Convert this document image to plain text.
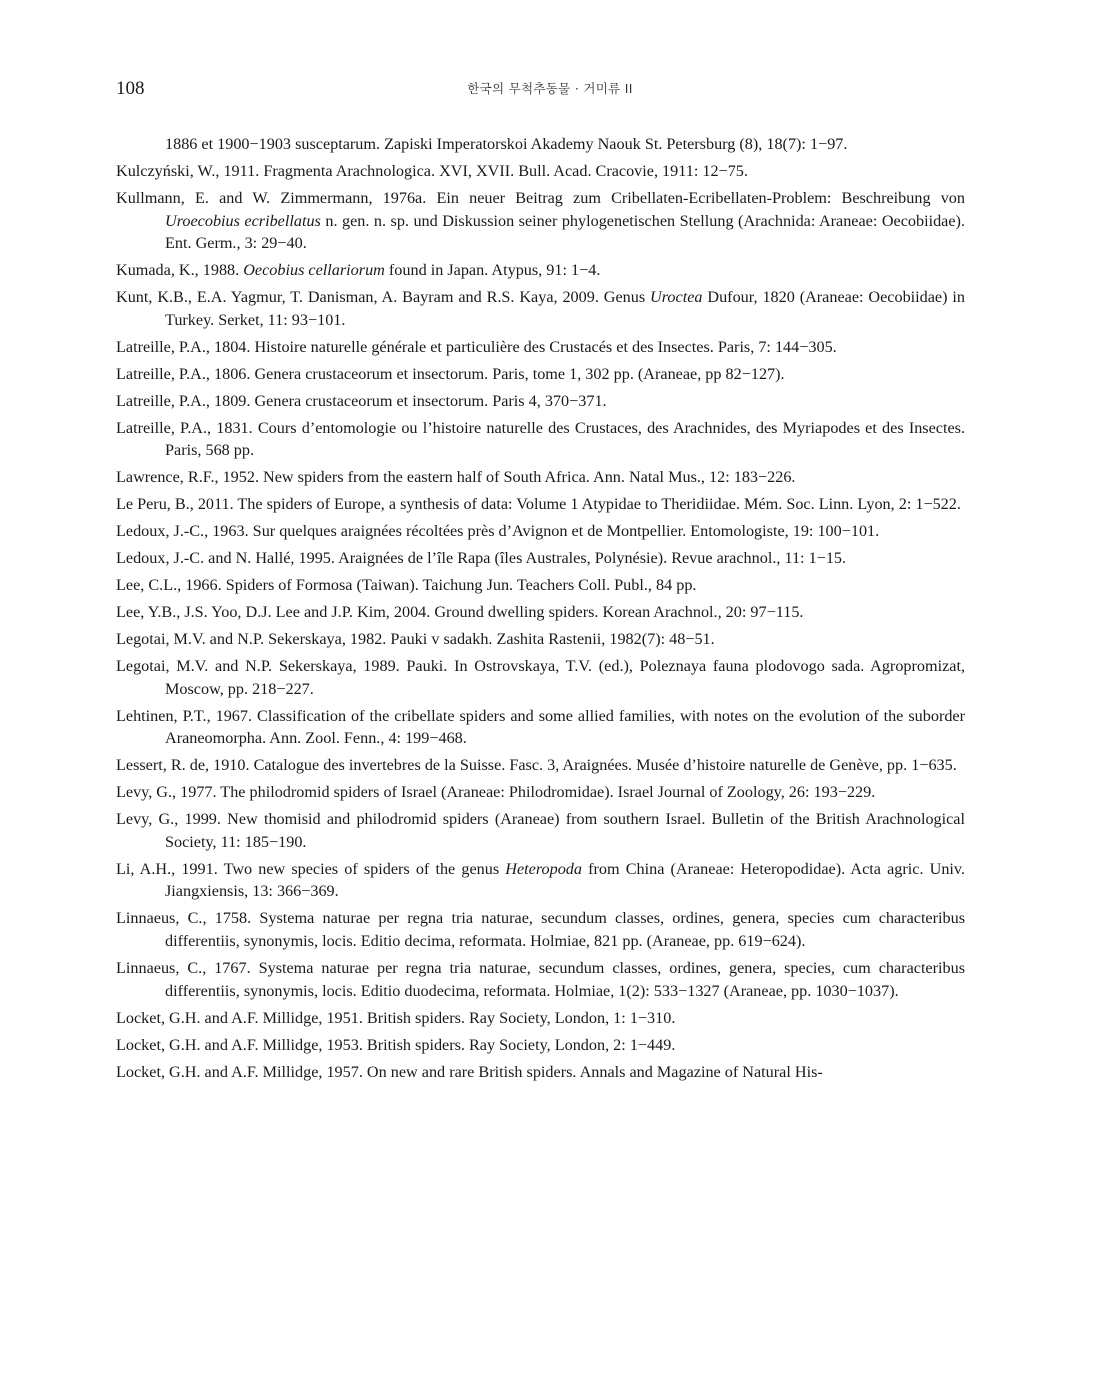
108	한국의 무척추동물 · 거미류 II

1886 et 1900−1903 susceptarum. Zapiski Imperatorskoi Akademy Naouk St. Petersburg (8), 18(7): 1−97.

Kulczyński, W., 1911. Fragmenta Arachnologica. XVI, XVII. Bull. Acad. Cracovie, 1911: 12−75.

Kullmann, E. and W. Zimmermann, 1976a. Ein neuer Beitrag zum Cribellaten-Ecribellaten-Problem: Beschreibung von Uroecobius ecribellatus n. gen. n. sp. und Diskussion seiner phylogenetischen Stellung (Arachnida: Araneae: Oecobiidae). Ent. Germ., 3: 29−40.

Kumada, K., 1988. Oecobius cellariorum found in Japan. Atypus, 91: 1−4.

Kunt, K.B., E.A. Yagmur, T. Danisman, A. Bayram and R.S. Kaya, 2009. Genus Uroctea Dufour, 1820 (Araneae: Oecobiidae) in Turkey. Serket, 11: 93−101.

Latreille, P.A., 1804. Histoire naturelle générale et particulière des Crustacés et des Insectes. Paris, 7: 144−305.

Latreille, P.A., 1806. Genera crustaceorum et insectorum. Paris, tome 1, 302 pp. (Araneae, pp 82−127).

Latreille, P.A., 1809. Genera crustaceorum et insectorum. Paris 4, 370−371.

Latreille, P.A., 1831. Cours d’entomologie ou l’histoire naturelle des Crustaces, des Arachnides, des Myriapodes et des Insectes. Paris, 568 pp.

Lawrence, R.F., 1952. New spiders from the eastern half of South Africa. Ann. Natal Mus., 12: 183−226.

Le Peru, B., 2011. The spiders of Europe, a synthesis of data: Volume 1 Atypidae to Theridiidae. Mém. Soc. Linn. Lyon, 2: 1−522.

Ledoux, J.-C., 1963. Sur quelques araignées récoltées près d’Avignon et de Montpellier. Entomologiste, 19: 100−101.

Ledoux, J.-C. and N. Hallé, 1995. Araignées de l’île Rapa (îles Australes, Polynésie). Revue arachnol., 11: 1−15.

Lee, C.L., 1966. Spiders of Formosa (Taiwan). Taichung Jun. Teachers Coll. Publ., 84 pp.

Lee, Y.B., J.S. Yoo, D.J. Lee and J.P. Kim, 2004. Ground dwelling spiders. Korean Arachnol., 20: 97−115.

Legotai, M.V. and N.P. Sekerskaya, 1982. Pauki v sadakh. Zashita Rastenii, 1982(7): 48−51.

Legotai, M.V. and N.P. Sekerskaya, 1989. Pauki. In Ostrovskaya, T.V. (ed.), Poleznaya fauna plodovogo sada. Agropromizat, Moscow, pp. 218−227.

Lehtinen, P.T., 1967. Classification of the cribellate spiders and some allied families, with notes on the evolution of the suborder Araneomorpha. Ann. Zool. Fenn., 4: 199−468.

Lessert, R. de, 1910. Catalogue des invertebres de la Suisse. Fasc. 3, Araignées. Musée d’histoire naturelle de Genève, pp. 1−635.

Levy, G., 1977. The philodromid spiders of Israel (Araneae: Philodromidae). Israel Journal of Zoology, 26: 193−229.

Levy, G., 1999. New thomisid and philodromid spiders (Araneae) from southern Israel. Bulletin of the British Arachnological Society, 11: 185−190.

Li, A.H., 1991. Two new species of spiders of the genus Heteropoda from China (Araneae: Heteropodidae). Acta agric. Univ. Jiangxiensis, 13: 366−369.

Linnaeus, C., 1758. Systema naturae per regna tria naturae, secundum classes, ordines, genera, species cum characteribus differentiis, synonymis, locis. Editio decima, reformata. Holmiae, 821 pp. (Araneae, pp. 619−624).

Linnaeus, C., 1767. Systema naturae per regna tria naturae, secundum classes, ordines, genera, species, cum characteribus differentiis, synonymis, locis. Editio duodecima, reformata. Holmiae, 1(2): 533−1327 (Araneae, pp. 1030−1037).

Locket, G.H. and A.F. Millidge, 1951. British spiders. Ray Society, London, 1: 1−310.

Locket, G.H. and A.F. Millidge, 1953. British spiders. Ray Society, London, 2: 1−449.

Locket, G.H. and A.F. Millidge, 1957. On new and rare British spiders. Annals and Magazine of Natural His-
